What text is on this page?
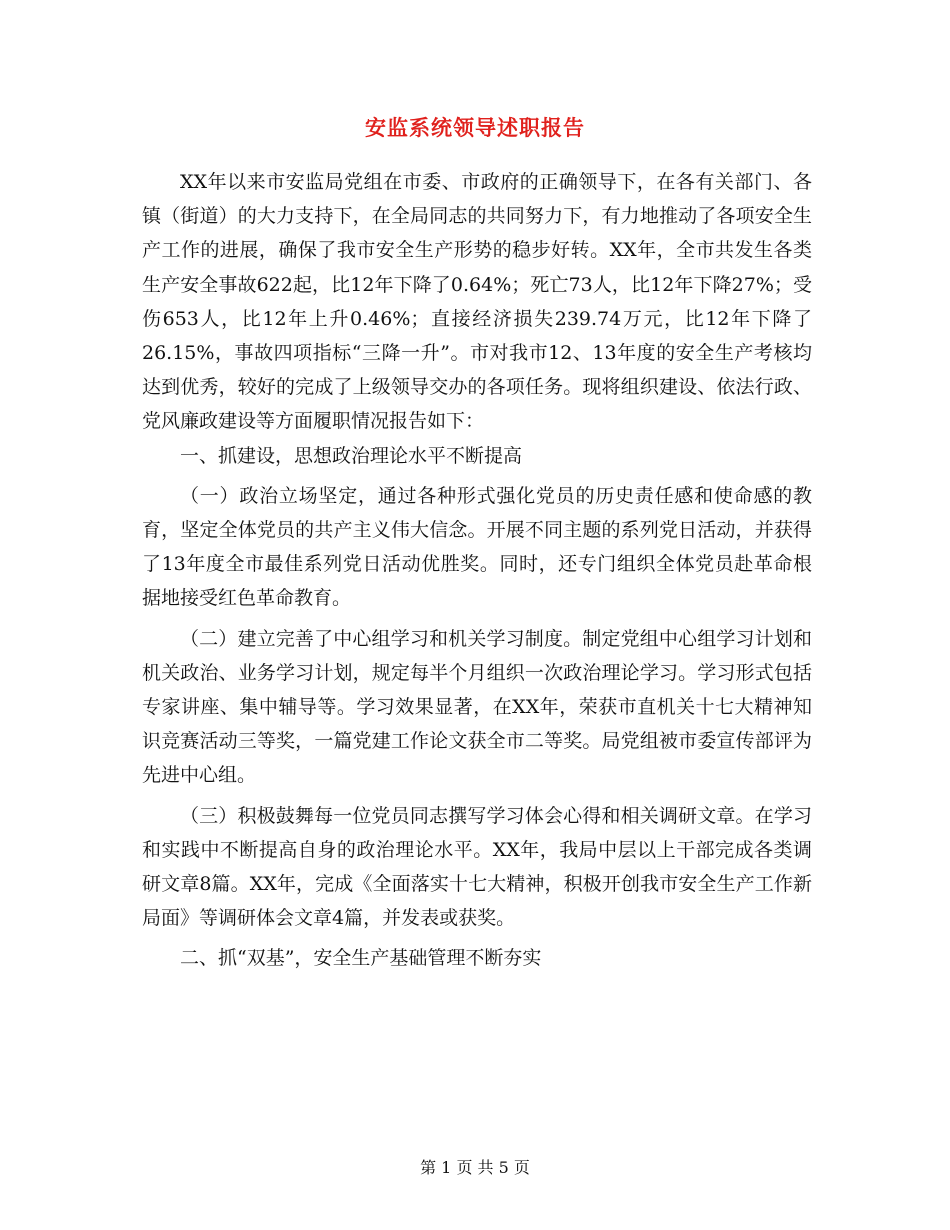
安监系统领导述职报告

XX年以来市安监局党组在市委、市政府的正确领导下，在各有关部门、各镇（街道）的大力支持下，在全局同志的共同努力下，有力地推动了各项安全生产工作的进展，确保了我市安全生产形势的稳步好转。XX年，全市共发生各类生产安全事故622起，比12年下降了0.64%；死亡73人，比12年下降27%；受伤653人，比12年上升0.46%；直接经济损失239.74万元，比12年下降了26.15%，事故四项指标“三降一升”。市对我市12、13年度的安全生产考核均达到优秀，较好的完成了上级领导交办的各项任务。现将组织建设、依法行政、党风廉政建设等方面履职情况报告如下：

一、抓建设，思想政治理论水平不断提高

（一）政治立场坚定，通过各种形式强化党员的历史责任感和使命感的教育，坚定全体党员的共产主义伟大信念。开展不同主题的系列党日活动，并获得了13年度全市最佳系列党日活动优胜奖。同时，还专门组织全体党员赴革命根据地接受红色革命教育。

（二）建立完善了中心组学习和机关学习制度。制定党组中心组学习计划和机关政治、业务学习计划，规定每半个月组织一次政治理论学习。学习形式包括专家讲座、集中辅导等。学习效果显著，在XX年，荣获市直机关十七大精神知识竞赛活动三等奖，一篇党建工作论文获全市二等奖。局党组被市委宣传部评为先进中心组。

（三）积极鼓舞每一位党员同志撰写学习体会心得和相关调研文章。在学习和实践中不断提高自身的政治理论水平。XX年，我局中层以上干部完成各类调研文章8篇。XX年，完成《全面落实十七大精神，积极开创我市安全生产工作新局面》等调研体会文章4篇，并发表或获奖。

二、抓“双基”，安全生产基础管理不断夯实

第 1 页 共 5 页
